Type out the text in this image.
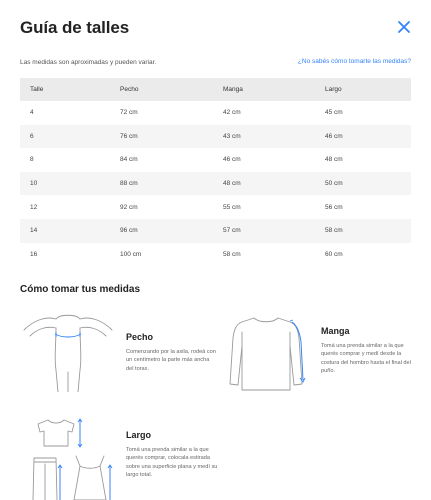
Guía de talles
Las medidas son aproximadas y pueden variar.	¿No sabés cómo tomarte las medidas?
Talle	Pecho	Manga	Largo
4	72 cm	42 cm	45 cm
6	76 cm	43 cm	46 cm
8	84 cm	46 cm	48 cm
10	88 cm	48 cm	50 cm
12	92 cm	55 cm	56 cm
14	96 cm	57 cm	58 cm
16	100 cm	58 cm	60 cm
Cómo tomar tus medidas
Pecho
Comenzando por la axila, rodeá con un centímetro la parte más ancha del torax.
Manga
Tomá una prenda similar a la que querés comprar y medí desde la costura del hombro hasta el final del puño.
Largo
Tomá una prenda similar a la que querés comprar, colocala estirada sobre una superficie plana y medí su largo total.
